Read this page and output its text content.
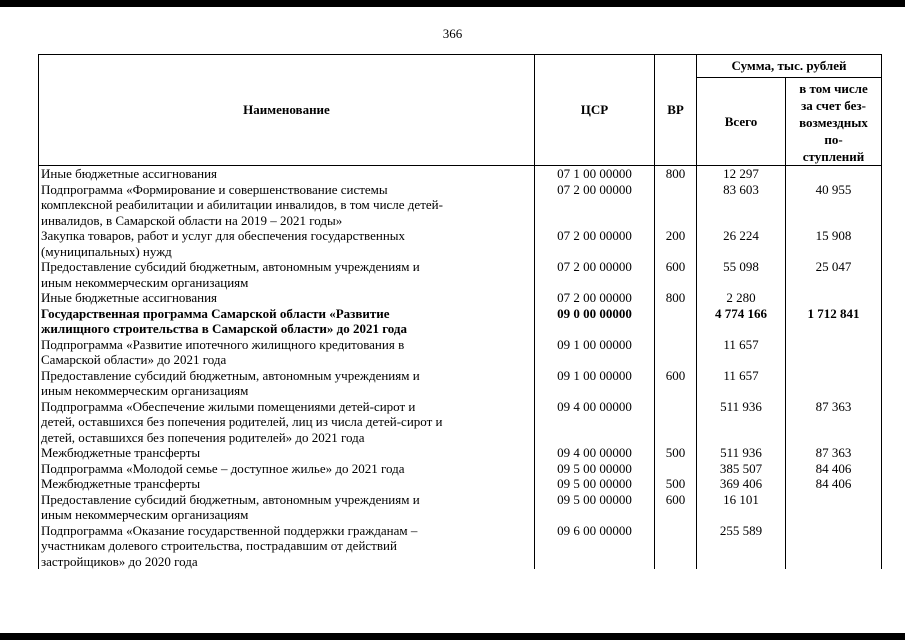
366
Наименование	ЦСР	ВР	Сумма, тыс. рублей	
			Всего	в том числе
за счет без-
возмездных
по-
ступлений

Иные бюджетные ассигнования	07 1 00 00000	800	12 297	

Подпрограмма «Формирование и совершенствование системы
комплексной реабилитации и абилитации инвалидов, в том числе детей-
инвалидов, в Самарской области на 2019 – 2021 годы»	07 2 00 00000		83 603	40 955

Закупка товаров, работ и услуг для обеспечения государственных
(муниципальных) нужд	07 2 00 00000	200	26 224	15 908

Предоставление субсидий бюджетным, автономным учреждениям и
иным некоммерческим организациям	07 2 00 00000	600	55 098	25 047

Иные бюджетные ассигнования	07 2 00 00000	800	2 280	

Государственная программа Самарской области «Развитие
жилищного строительства в Самарской области» до 2021 года	09 0 00 00000		4 774 166	1 712 841

Подпрограмма «Развитие ипотечного жилищного кредитования в
Самарской области» до 2021 года	09 1 00 00000		11 657	

Предоставление субсидий бюджетным, автономным учреждениям и
иным некоммерческим организациям	09 1 00 00000	600	11 657	

Подпрограмма «Обеспечение жилыми помещениями детей-сирот и
детей, оставшихся без попечения родителей, лиц из числа детей-сирот и
детей, оставшихся без попечения родителей» до 2021 года	09 4 00 00000		511 936	87 363

Межбюджетные трансферты	09 4 00 00000	500	511 936	87 363

Подпрограмма «Молодой семье – доступное жилье» до 2021 года	09 5 00 00000		385 507	84 406

Межбюджетные трансферты	09 5 00 00000	500	369 406	84 406

Предоставление субсидий бюджетным, автономным учреждениям и
иным некоммерческим организациям	09 5 00 00000	600	16 101	

Подпрограмма «Оказание государственной поддержки гражданам –
участникам долевого строительства, пострадавшим от действий
застройщиков» до 2020 года	09 6 00 00000		255 589	
